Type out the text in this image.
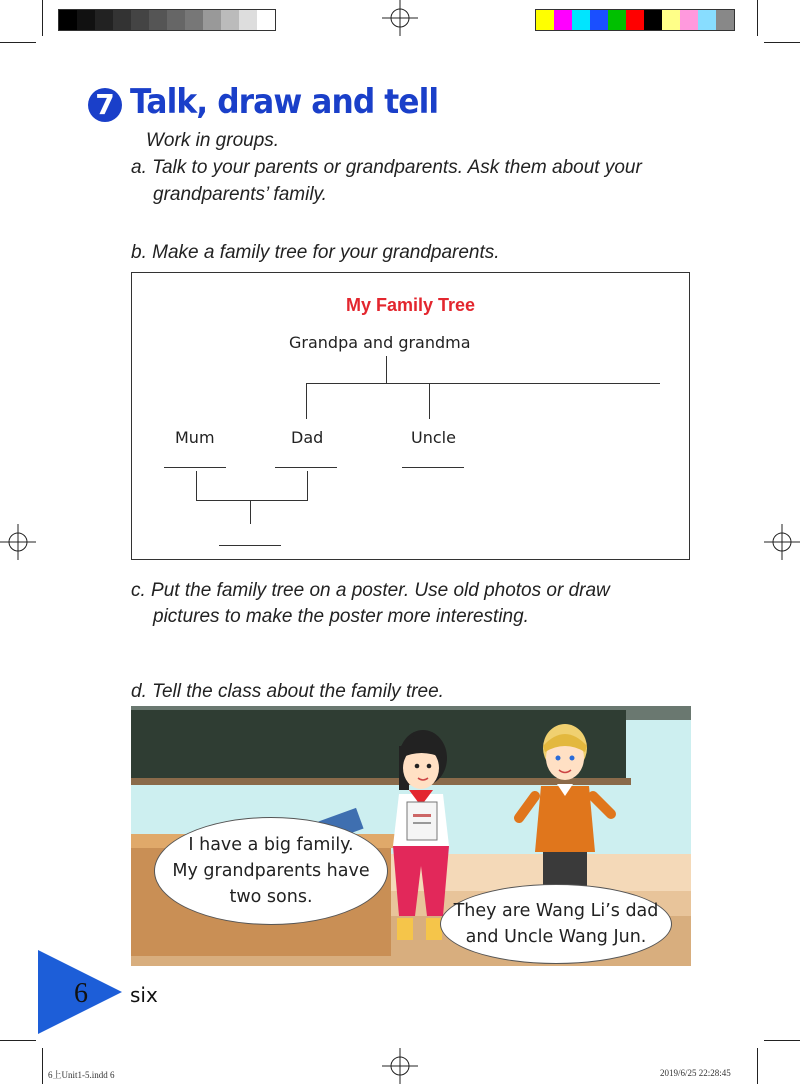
7 Talk, draw and tell
Work in groups.
a. Talk to your parents or grandparents. Ask them about your
grandparents’ family.
b. Make a family tree for your grandparents.
My Family Tree
Grandpa and grandma
Mum	Dad	Uncle
c. Put the family tree on a poster. Use old photos or draw
pictures to make the poster more interesting.
d. Tell the class about the family tree.
I have a big family.
My grandparents have
two sons.
They are Wang Li’s dad
and Uncle Wang Jun.
6 six
6上Unit1-5.indd 6	2019/6/25 22:28:45
